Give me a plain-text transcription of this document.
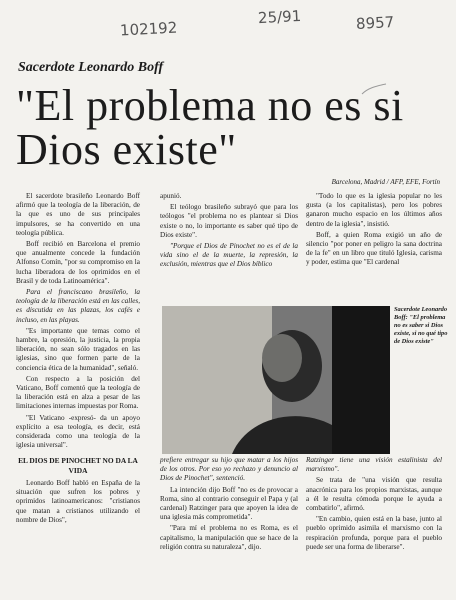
102192
25/91	8957
Sacerdote Leonardo Boff
"El problema no es si Dios existe"
Barcelona, Madrid / AFP, EFE, Fortín

El sacerdote brasileño Leonardo Boff afirmó que la teología de la liberación, de la que es uno de sus principales impulsores, se ha convertido en una teología pública.

Boff recibió en Barcelona el premio que anualmente concede la fundación Alfonso Comín, "por su compromiso en la lucha liberadora de los oprimidos en el Brasil y de toda Latinoamérica".

Para el franciscano brasileño, la teología de la liberación está en las calles, es discutida en las plazas, los cafés e incluso, en las playas.

"Es importante que temas como el hambre, la opresión, la justicia, la propia liberación, no sean sólo tragados en las iglesias, sino que formen parte de la conciencia ética de la humanidad", señaló.

Con respecto a la posición del Vaticano, Boff comentó que la teología de la liberación está en alza a pesar de las limitaciones internas impuestas por Roma.

"El Vaticano -expresó- da un apoyo explícito a esa teología, es decir, está considerada como una teología de la iglesia universal".

EL DIOS DE PINOCHET NO DA LA VIDA

Leonardo Boff habló en España de la situación que sufren los pobres y oprimidos latinoamericanos: "cristianos que matan a cristianos utilizando el nombre de Dios",

apunió.

El teólogo brasileño subrayó que para los teólogos "el problema no es plantear si Dios existe o no, lo importante es saber qué tipo de Dios existe".

"Porque el Dios de Pinochet no es el de la vida sino el de la muerte, la represión, la exclusión, mientras que el Dios bíblico

"Todo lo que es la iglesia popular no les gusta (a los capitalistas), pero los pobres ganaron mucho espacio en los últimos años dentro de la iglesia", insistió.

Boff, a quien Roma exigió un año de silencio "por poner en peligro la sana doctrina de la fe" en un libro que tituló Iglesia, carisma y poder, estima que "El cardenal

Sacerdote Leonardo Boff: "El problema no es saber si Dios existe, si no qué tipo de Dios existe"

prefiere entregar su hijo que matar a los hijos de los otros. Por eso yo rechazo y denuncio al Dios de Pinochet", sentenció.

La intención dijo Boff "no es de provocar a Roma, sino al contrario conseguir el Papa y (al cardenal) Ratzinger para que apoyen la idea de una iglesia más comprometida".

"Para mí el problema no es Roma, es el capitalismo, la manipulación que se hace de la religión contra su naturaleza", dijo.

Ratzinger tiene una visión estalinista del marxismo".

Se trata de "una visión que resulta anacrónica para los propios marxistas, aunque a él le resulta cómoda porque le ayuda a combatirlo", afirmó.

"En cambio, quien está en la base, junto al pueblo oprimido asimila el marxismo con la respiración profunda, porque para el pueblo puede ser una forma de liberarse".
